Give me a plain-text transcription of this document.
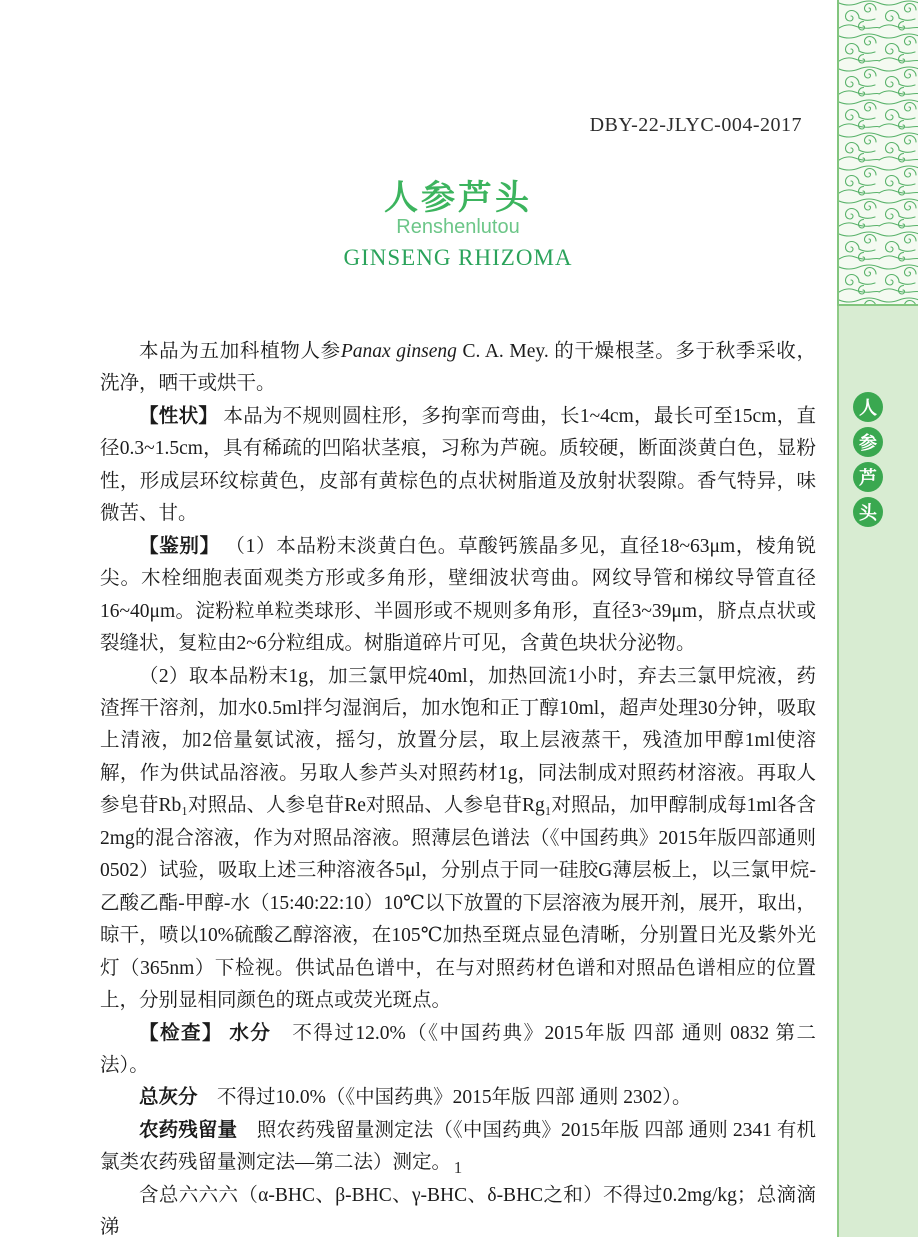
人
参
芦
头
DBY-22-JLYC-004-2017
人参芦头
Renshenlutou
GINSENG RHIZOMA

本品为五加科植物人参Panax ginseng C. A. Mey. 的干燥根茎。多于秋季采收，洗净，晒干或烘干。

【性状】 本品为不规则圆柱形，多拘挛而弯曲，长1~4cm，最长可至15cm，直径0.3~1.5cm，具有稀疏的凹陷状茎痕，习称为芦碗。质较硬，断面淡黄白色，显粉性，形成层环纹棕黄色，皮部有黄棕色的点状树脂道及放射状裂隙。香气特异，味微苦、甘。

【鉴别】 （1）本品粉末淡黄白色。草酸钙簇晶多见，直径18~63μm，棱角锐尖。木栓细胞表面观类方形或多角形，壁细波状弯曲。网纹导管和梯纹导管直径16~40μm。淀粉粒单粒类球形、半圆形或不规则多角形，直径3~39μm，脐点点状或裂缝状，复粒由2~6分粒组成。树脂道碎片可见，含黄色块状分泌物。

（2）取本品粉末1g，加三氯甲烷40ml，加热回流1小时，弃去三氯甲烷液，药渣挥干溶剂，加水0.5ml拌匀湿润后，加水饱和正丁醇10ml，超声处理30分钟，吸取上清液，加2倍量氨试液，摇匀，放置分层，取上层液蒸干，残渣加甲醇1ml使溶解，作为供试品溶液。另取人参芦头对照药材1g，同法制成对照药材溶液。再取人参皂苷Rb₁对照品、人参皂苷Re对照品、人参皂苷Rg₁对照品，加甲醇制成每1ml各含2mg的混合溶液，作为对照品溶液。照薄层色谱法（《中国药典》2015年版四部通则0502）试验，吸取上述三种溶液各5μl，分别点于同一硅胶G薄层板上，以三氯甲烷-乙酸乙酯-甲醇-水（15:40:22:10）10℃以下放置的下层溶液为展开剂，展开，取出，晾干，喷以10%硫酸乙醇溶液，在105℃加热至斑点显色清晰，分别置日光及紫外光灯（365nm）下检视。供试品色谱中，在与对照药材色谱和对照品色谱相应的位置上，分别显相同颜色的斑点或荧光斑点。

【检查】 水分　不得过12.0%（《中国药典》2015年版 四部 通则 0832 第二法）。

总灰分　不得过10.0%（《中国药典》2015年版 四部 通则 2302）。

农药残留量　照农药残留量测定法（《中国药典》2015年版 四部 通则 2341 有机氯类农药残留量测定法—第二法）测定。

含总六六六（α-BHC、β-BHC、γ-BHC、δ-BHC之和）不得过0.2mg/kg；总滴滴涕

1
